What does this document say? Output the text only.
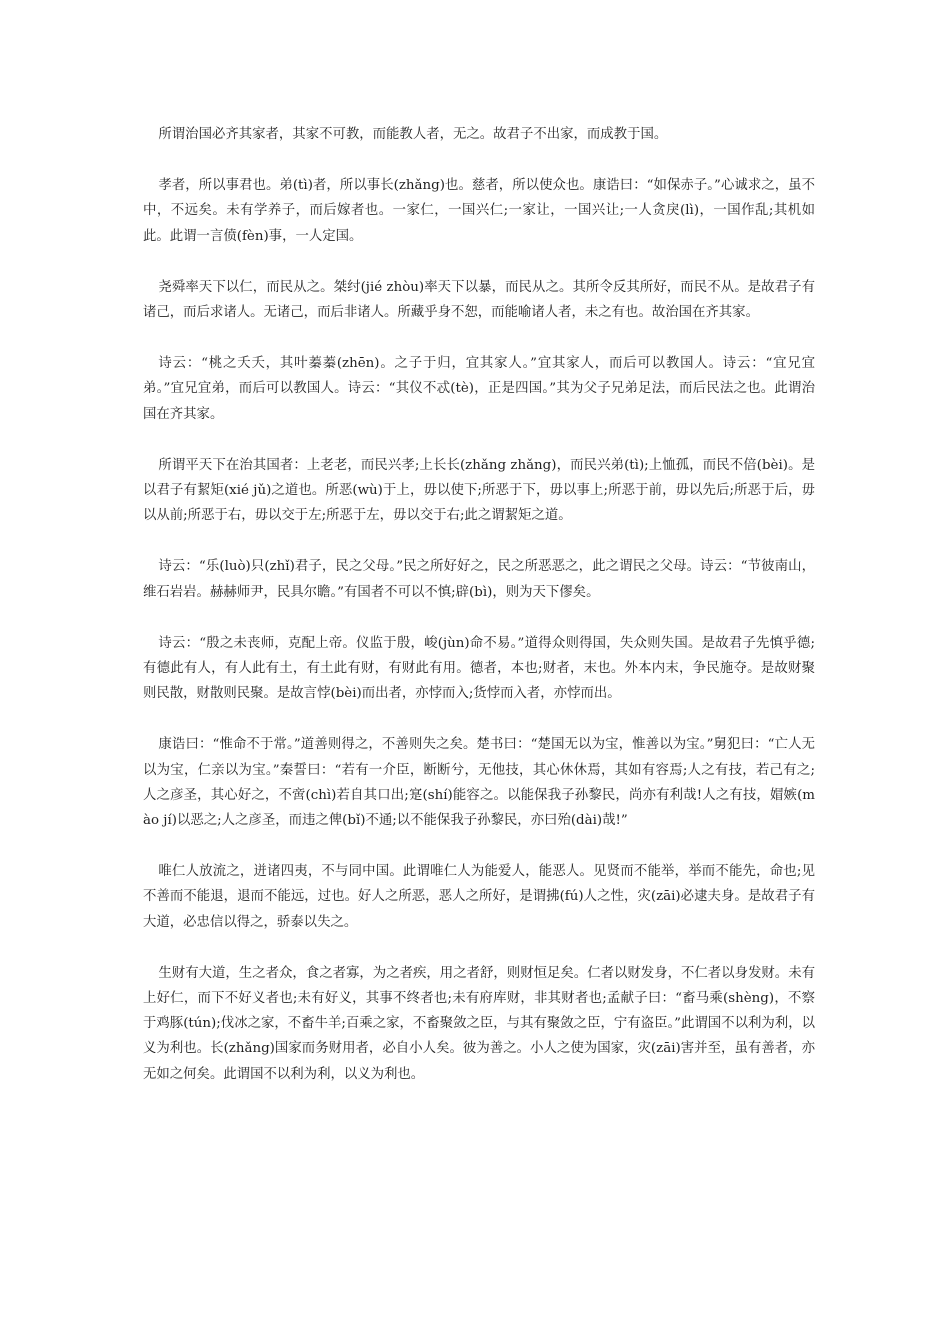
所谓治国必齐其家者，其家不可教，而能教人者，无之。故君子不出家，而成教于国。

孝者，所以事君也。弟(tì)者，所以事长(zhǎng)也。慈者，所以使众也。康诰曰：“如保赤子。”心诚求之，虽不中，不远矣。未有学养子，而后嫁者也。一家仁，一国兴仁;一家让，一国兴让;一人贪戾(lì)，一国作乱;其机如此。此谓一言偾(fèn)事，一人定国。

尧舜率天下以仁，而民从之。桀纣(jié zhòu)率天下以暴，而民从之。其所令反其所好，而民不从。是故君子有诸己，而后求诸人。无诸己，而后非诸人。所藏乎身不恕，而能喻诸人者，未之有也。故治国在齐其家。

诗云：“桃之夭夭，其叶蓁蓁(zhēn)。之子于归，宜其家人。”宜其家人，而后可以教国人。诗云：“宜兄宜弟。”宜兄宜弟，而后可以教国人。诗云：“其仪不忒(tè)，正是四国。”其为父子兄弟足法，而后民法之也。此谓治国在齐其家。

所谓平天下在治其国者：上老老，而民兴孝;上长长(zhǎng zhǎng)，而民兴弟(tì);上恤孤，而民不倍(bèi)。是以君子有絜矩(xié jǔ)之道也。所恶(wù)于上，毋以使下;所恶于下，毋以事上;所恶于前，毋以先后;所恶于后，毋以从前;所恶于右，毋以交于左;所恶于左，毋以交于右;此之谓絜矩之道。

诗云：“乐(luò)只(zhǐ)君子，民之父母。”民之所好好之，民之所恶恶之，此之谓民之父母。诗云：“节彼南山，维石岩岩。赫赫师尹，民具尔瞻。”有国者不可以不慎;辟(bì)，则为天下僇矣。

诗云：“殷之未丧师，克配上帝。仪监于殷，峻(jùn)命不易。”道得众则得国，失众则失国。是故君子先慎乎德;有德此有人，有人此有土，有土此有财，有财此有用。德者，本也;财者，末也。外本内末，争民施夺。是故财聚则民散，财散则民聚。是故言悖(bèi)而出者，亦悖而入;货悖而入者，亦悖而出。

康诰曰：“惟命不于常。”道善则得之，不善则失之矣。楚书曰：“楚国无以为宝，惟善以为宝。”舅犯曰：“亡人无以为宝，仁亲以为宝。”秦誓曰：“若有一介臣，断断兮，无他技，其心休休焉，其如有容焉;人之有技，若己有之;人之彦圣，其心好之，不啻(chì)若自其口出;寔(shí)能容之。以能保我子孙黎民，尚亦有利哉!人之有技，媢嫉(mào jí)以恶之;人之彦圣，而违之俾(bǐ)不通;以不能保我子孙黎民，亦曰殆(dài)哉!”

唯仁人放流之，迸诸四夷，不与同中国。此谓唯仁人为能爱人，能恶人。见贤而不能举，举而不能先，命也;见不善而不能退，退而不能远，过也。好人之所恶，恶人之所好，是谓拂(fú)人之性，灾(zāi)必逮夫身。是故君子有大道，必忠信以得之，骄泰以失之。

生财有大道，生之者众，食之者寡，为之者疾，用之者舒，则财恒足矣。仁者以财发身，不仁者以身发财。未有上好仁，而下不好义者也;未有好义，其事不终者也;未有府库财，非其财者也;孟献子曰：“畜马乘(shèng)，不察于鸡豚(tún);伐冰之家，不畜牛羊;百乘之家，不畜聚敛之臣，与其有聚敛之臣，宁有盗臣。”此谓国不以利为利，以义为利也。长(zhǎng)国家而务财用者，必自小人矣。彼为善之。小人之使为国家，灾(zāi)害并至，虽有善者，亦无如之何矣。此谓国不以利为利，以义为利也。
